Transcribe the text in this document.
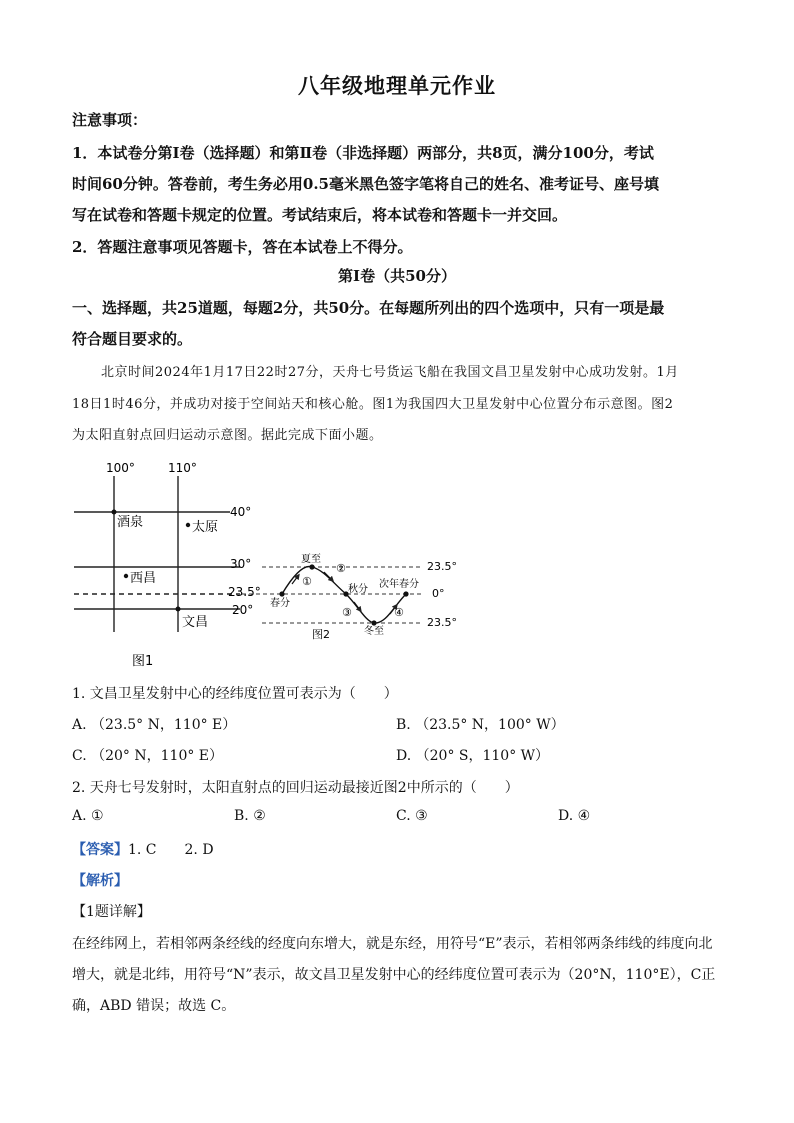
八年级地理单元作业
注意事项：
1．本试卷分第Ⅰ卷（选择题）和第Ⅱ卷（非选择题）两部分，共8页，满分100分，考试
时间60分钟。答卷前，考生务必用0.5毫米黑色签字笔将自己的姓名、准考证号、座号填
写在试卷和答题卡规定的位置。考试结束后，将本试卷和答题卡一并交回。
2．答题注意事项见答题卡，答在本试卷上不得分。
第Ⅰ卷（共50分）
一、选择题，共25道题，每题2分，共50分。在每题所列出的四个选项中，只有一项是最
符合题目要求的。
北京时间2024年1月17日22时27分，天舟七号货运飞船在我国文昌卫星发射中心成功发射。1月
18日1时46分，并成功对接于空间站天和核心舱。图1为我国四大卫星发射中心位置分布示意图。图2
为太阳直射点回归运动示意图。据此完成下面小题。
100°	110°
40°
30°
23.5°
20°
酒泉	太原
西昌
文昌
图1
23.5°
0°
23.5°
夏至
秋分 次年春分
春分
冬至
①
②
③	④
图2
1. 文昌卫星发射中心的经纬度位置可表示为（　　）
A. （23.5° N，110° E）	B. （23.5° N，100° W）
C. （20° N，110° E）	D. （20° S，110° W）
2. 天舟七号发射时，太阳直射点的回归运动最接近图2中所示的（　　）
A. ①	B. ②	C. ③	D. ④
【答案】1. C　　2. D
【解析】
【1题详解】
在经纬网上，若相邻两条经线的经度向东增大，就是东经，用符号“E”表示，若相邻两条纬线的纬度向北
增大，就是北纬，用符号“N”表示，故文昌卫星发射中心的经纬度位置可表示为（20°N，110°E），C正
确，ABD 错误；故选 C。
